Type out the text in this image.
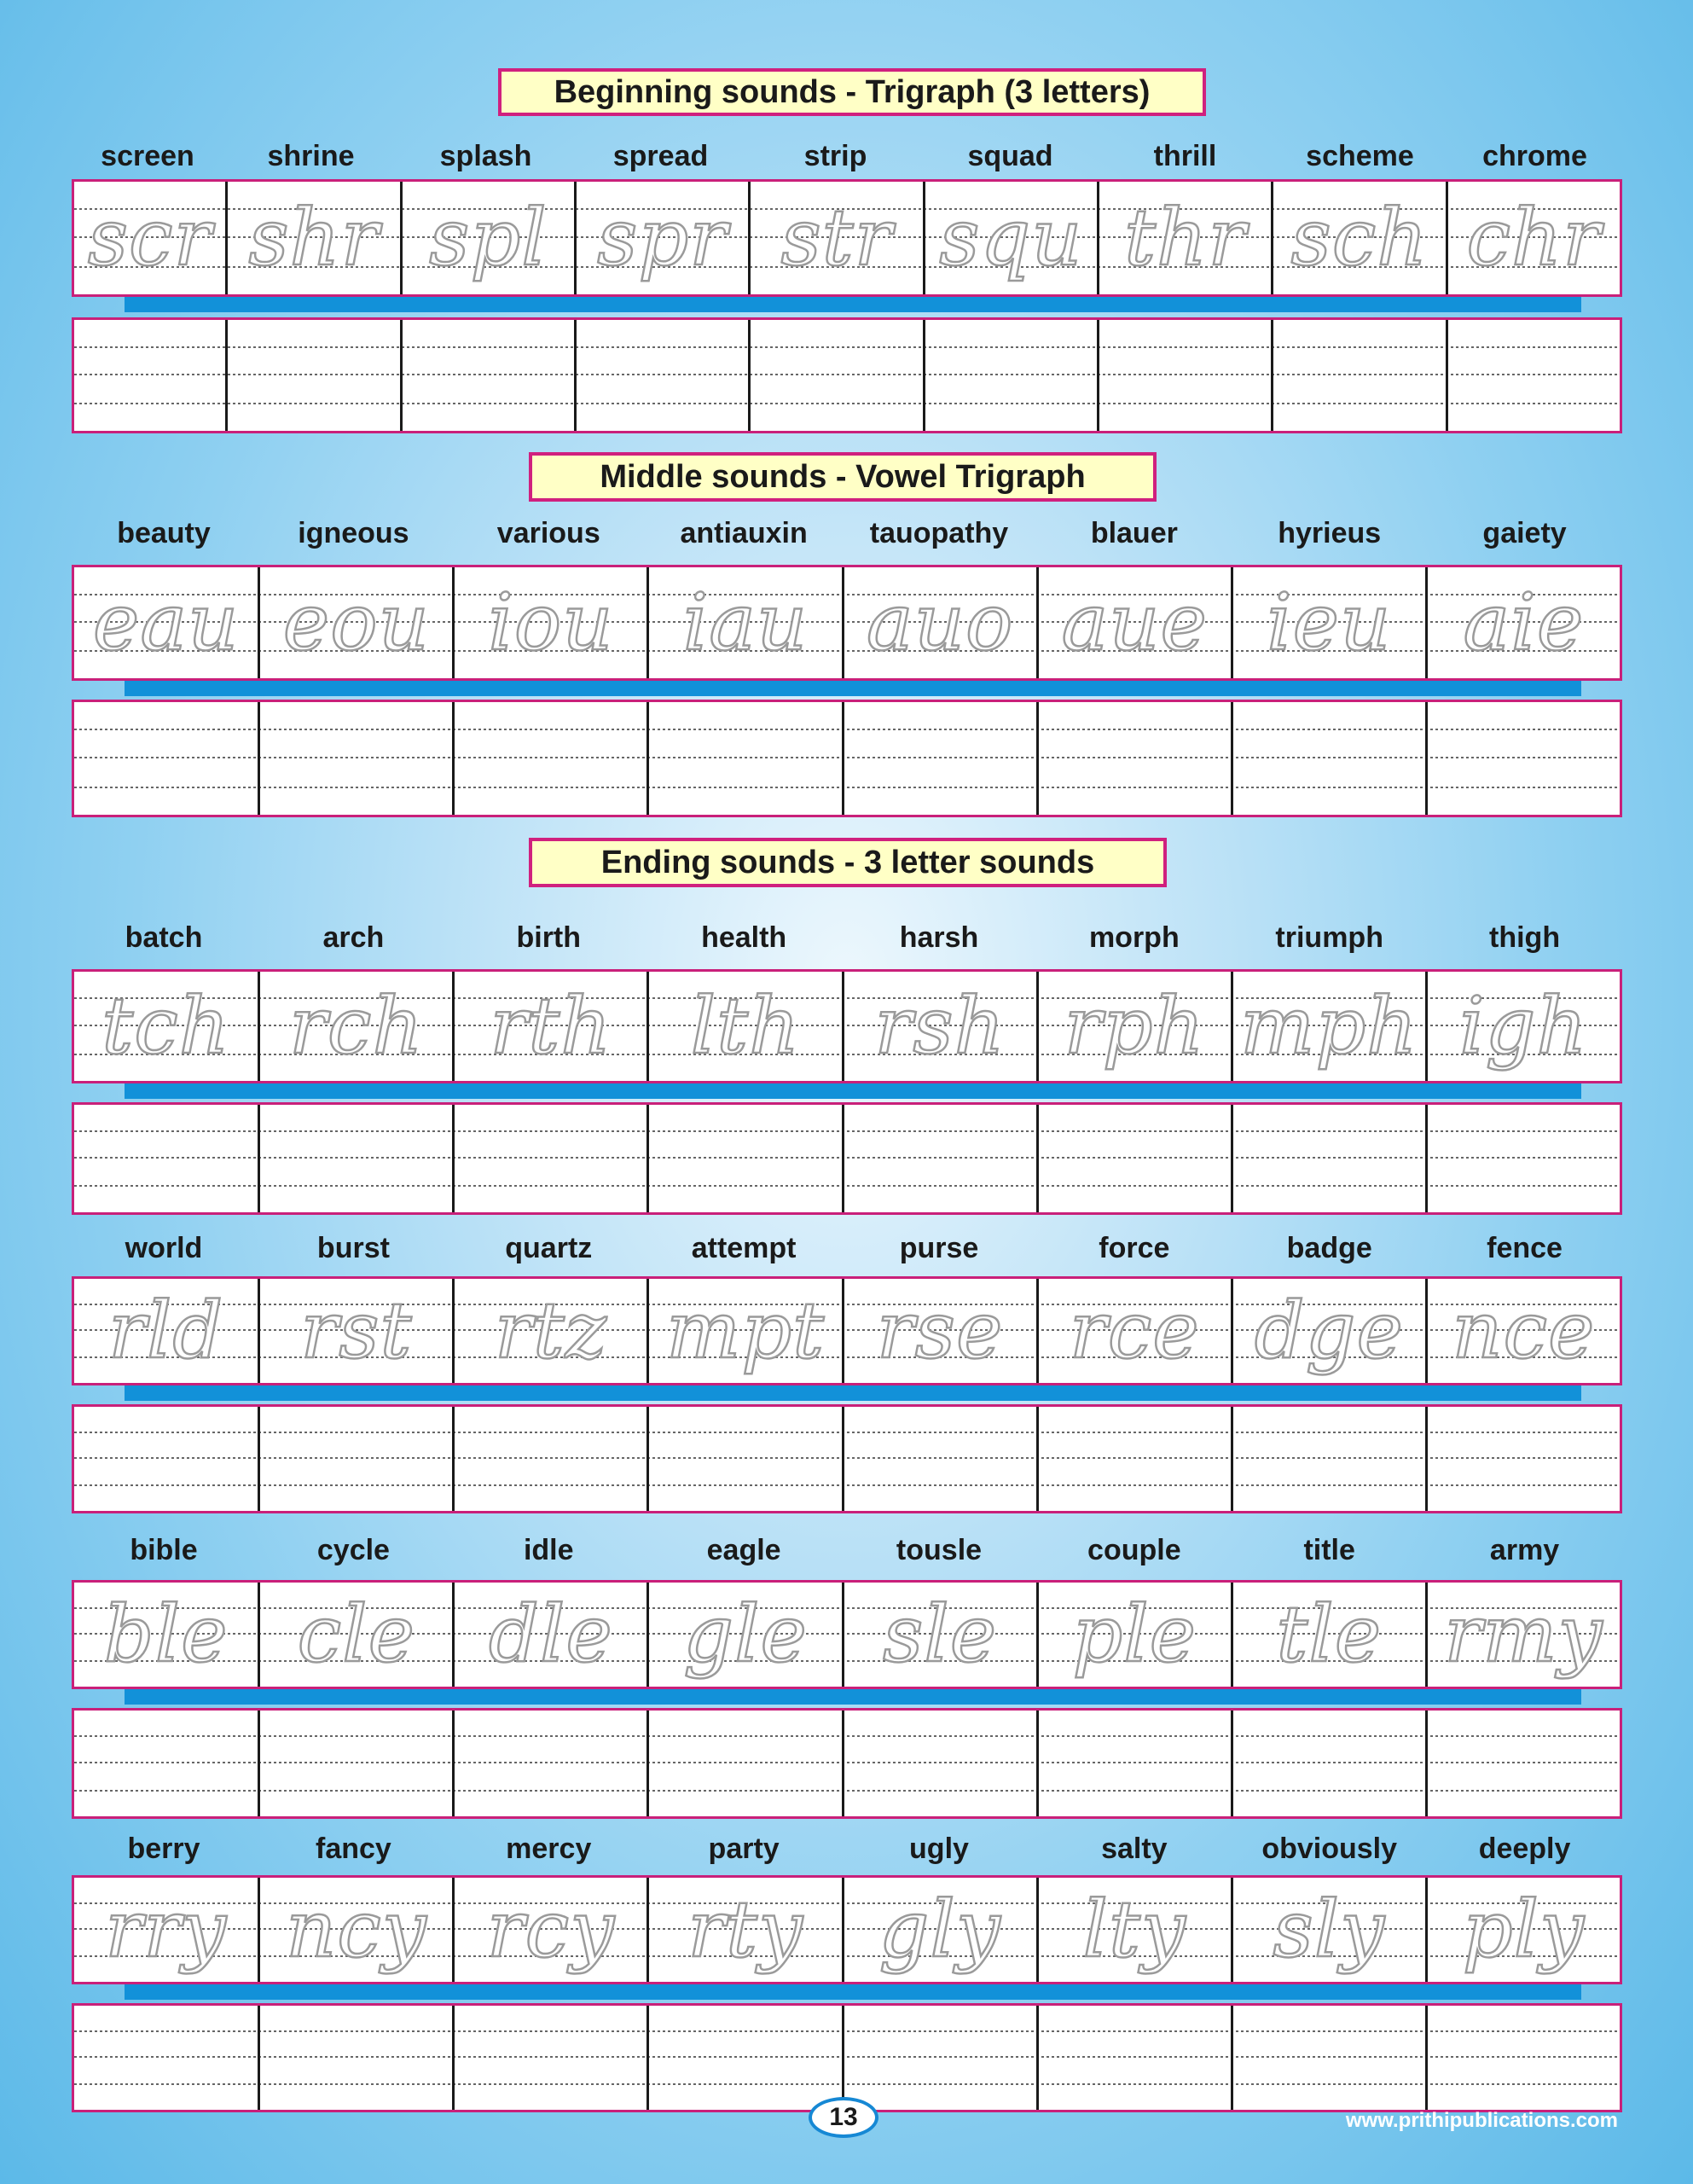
Beginning sounds - Trigraph (3 letters)
Middle sounds - Vowel Trigraph
Ending sounds - 3 letter sounds
screen	shrine	splash	spread	strip	squad	thrill	scheme	chrome
scr shr spl spr str squ thr sch chr
beauty	igneous	various	antiauxin	tauopathy	blauer	hyrieus	gaiety
eau eou iou iau auo aue ieu aie
batch	arch	birth	health	harsh	morph	triumph	thigh
tch rch rth	lth rsh rph mph igh
world	burst	quartz	attempt	purse	force	badge	fence
rld rst	rtz mpt rse rce dge nce
bible	cycle	idle	eagle	tousle	couple	title	army
ble cle dle gle sle ple	tle rmy
berry	fancy	mercy	party	ugly	salty	obviously	deeply
rry ncy rcy rty gly	lty	sly ply
13	www.prithipublications.com
